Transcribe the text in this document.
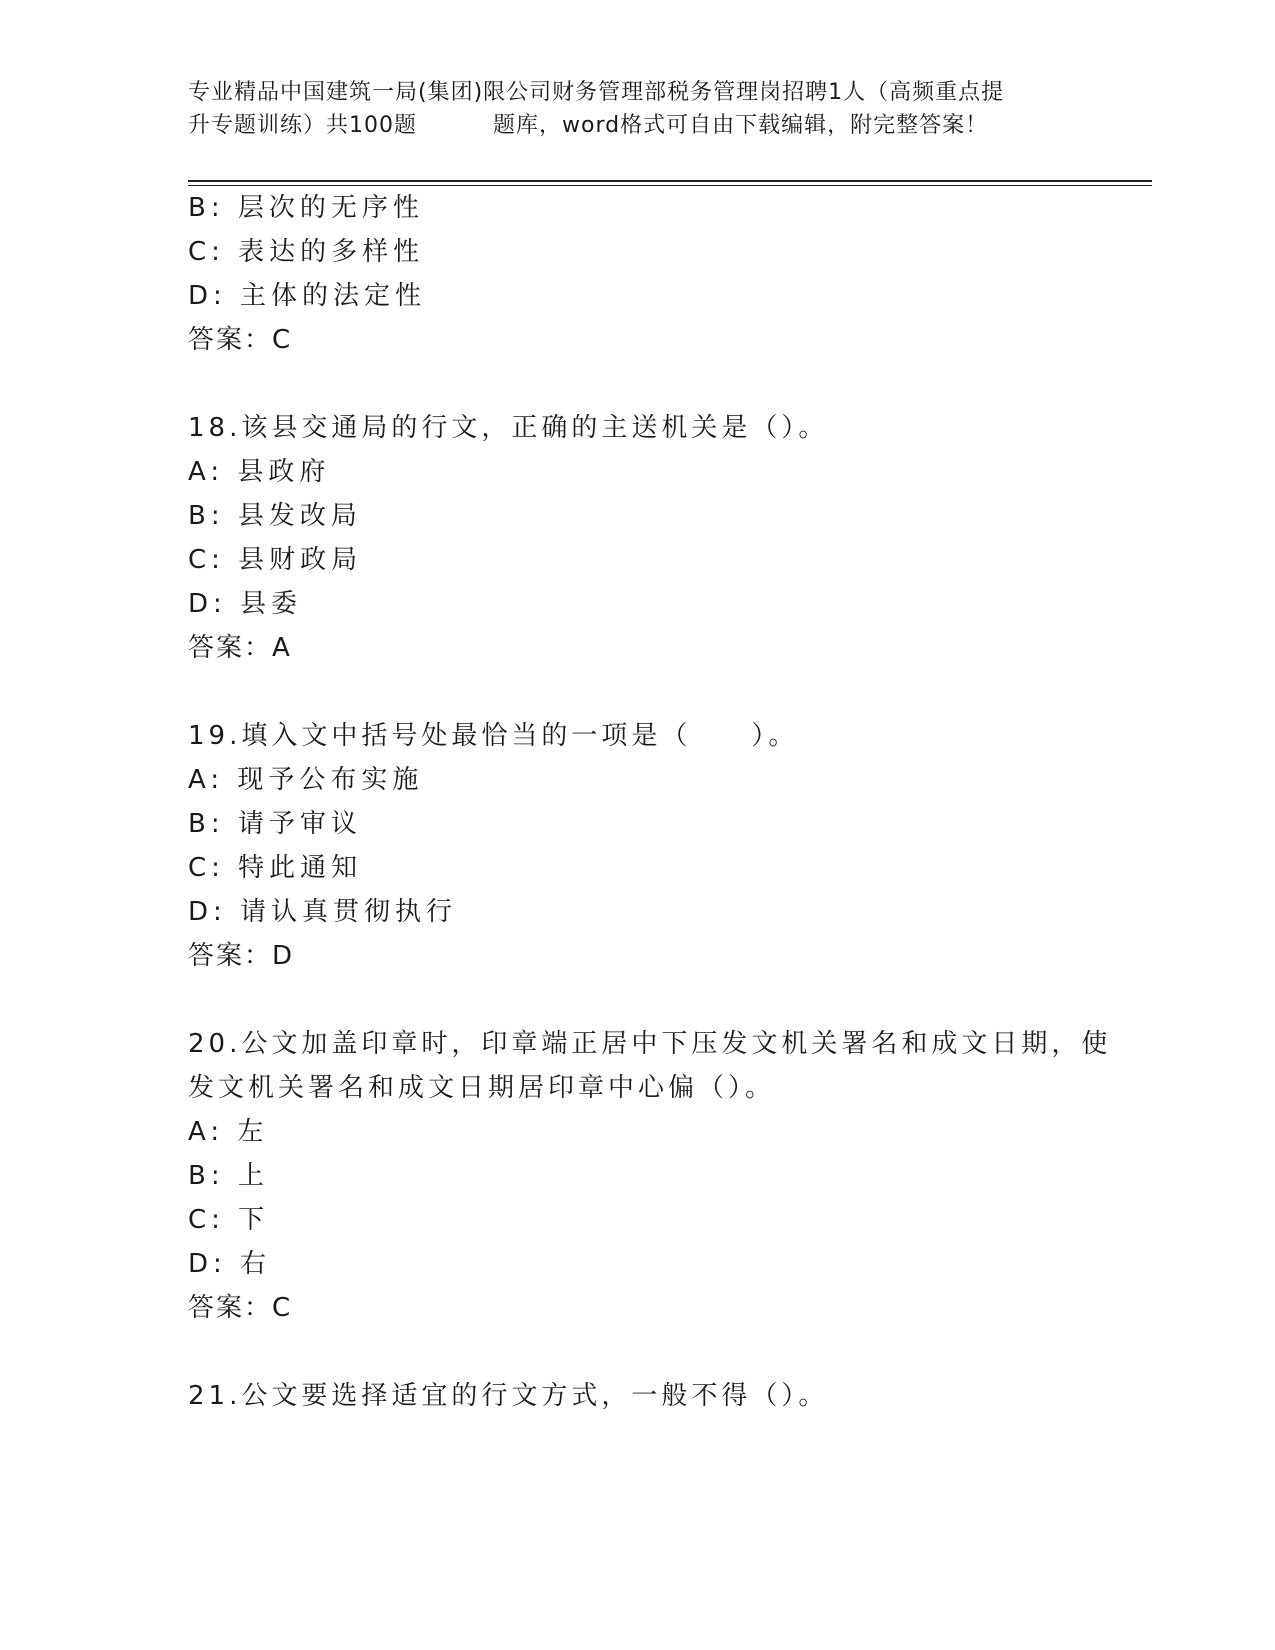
专业精品中国建筑一局(集团)限公司财务管理部税务管理岗招聘1人（高频重点提
升专题训练）共100题	题库，word格式可自由下载编辑，附完整答案！
B: 层次的无序性
C: 表达的多样性
D: 主体的法定性
答案：C
18.该县交通局的行文，正确的主送机关是（）。
A: 县政府
B: 县发改局
C: 县财政局
D: 县委
答案：A
19.填入文中括号处最恰当的一项是（　　）。
A: 现予公布实施
B: 请予审议
C: 特此通知
D: 请认真贯彻执行
答案：D
20.公文加盖印章时，印章端正居中下压发文机关署名和成文日期，使
发文机关署名和成文日期居印章中心偏（）。
A: 左
B: 上
C: 下
D: 右
答案：C
21.公文要选择适宜的行文方式，一般不得（）。
